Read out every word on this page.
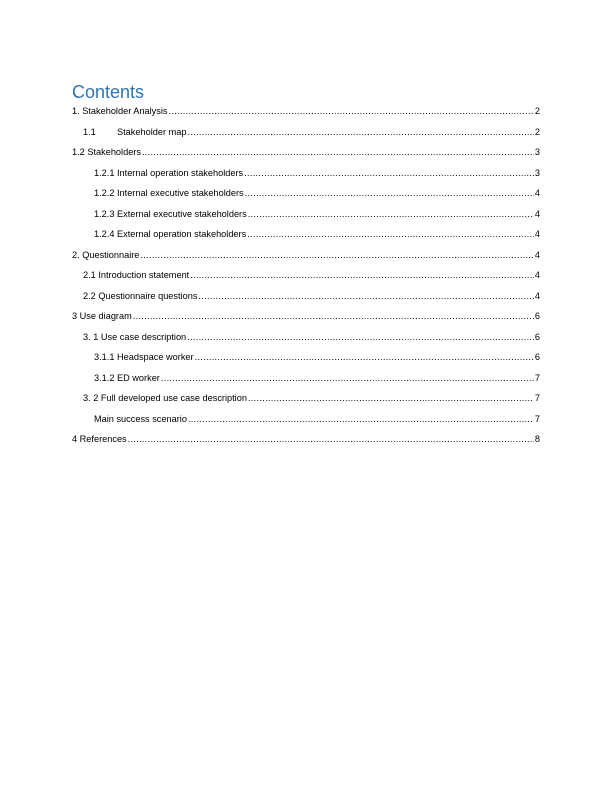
Contents
1. Stakeholder Analysis .....	2
1.1	Stakeholder map .....	2
1.2 Stakeholders .....	3
1.2.1 Internal operation stakeholders .....	3
1.2.2 Internal executive stakeholders .....	4
1.2.3 External executive stakeholders .....	4
1.2.4 External operation stakeholders .....	4
2. Questionnaire .....	4
2.1 Introduction statement .....	4
2.2 Questionnaire questions .....	4
3 Use diagram .....	6
3. 1 Use case description .....	6
3.1.1 Headspace worker .....	6
3.1.2 ED worker .....	7
3. 2 Full developed use case description .....	7
Main success scenario .....	7
4 References .....	8
